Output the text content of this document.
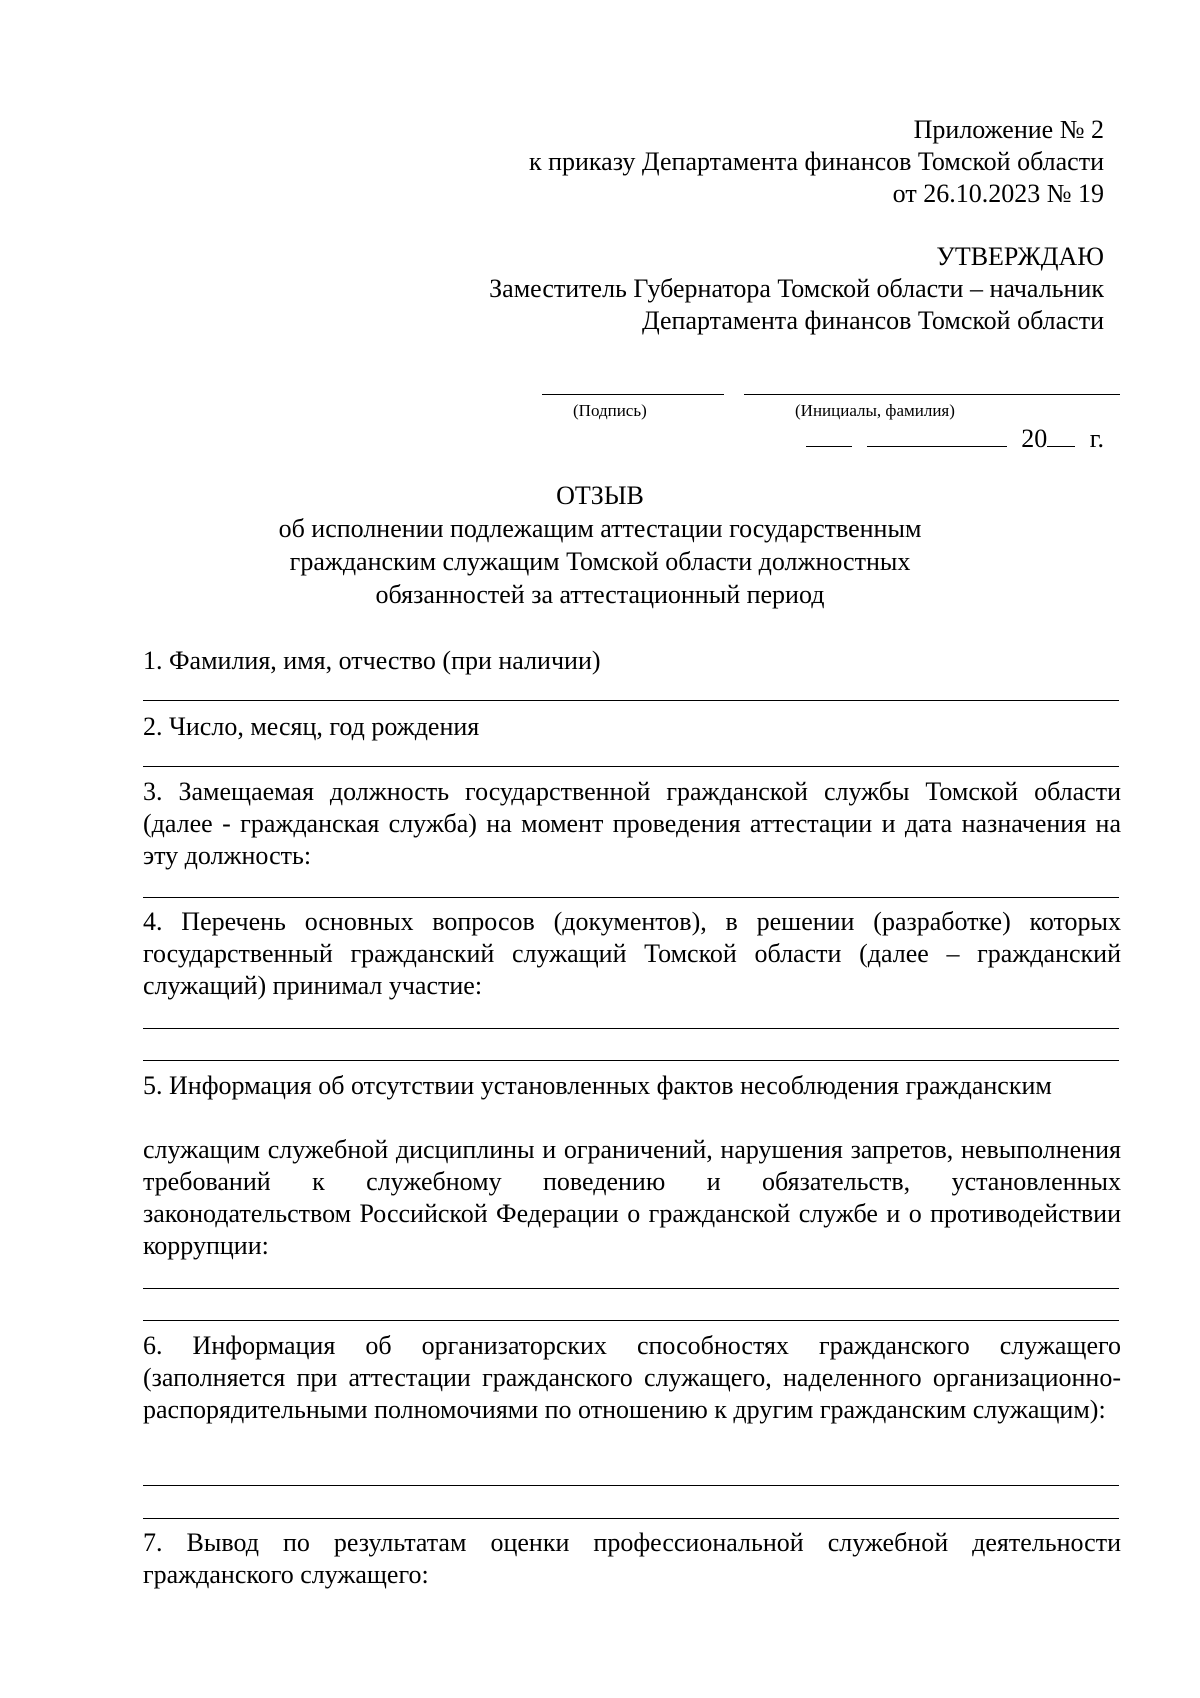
Приложение № 2
к приказу Департамента финансов Томской области
от 26.10.2023 № 19
УТВЕРЖДАЮ
Заместитель Губернатора Томской области – начальник
Департамента финансов Томской области
(Подпись)	(Инициалы, фамилия)
20 г.
ОТЗЫВ
об исполнении подлежащим аттестации государственным
гражданским служащим Томской области должностных
обязанностей за аттестационный период
1. Фамилия, имя, отчество (при наличии)
2. Число, месяц, год рождения
3. Замещаемая должность государственной гражданской службы Томской области (далее - гражданская служба) на момент проведения аттестации и дата назначения на эту должность:
4. Перечень основных вопросов (документов), в решении (разработке) которых государственный гражданский служащий Томской области (далее – гражданский служащий) принимал участие:
5. Информация об отсутствии установленных фактов несоблюдения гражданским
служащим служебной дисциплины и ограничений, нарушения запретов, невыполнения требований к служебному поведению и обязательств, установленных законодательством Российской Федерации о гражданской службе и о противодействии коррупции:
6. Информация об организаторских способностях гражданского служащего (заполняется при аттестации гражданского служащего, наделенного организационно-распорядительными полномочиями по отношению к другим гражданским служащим):
7. Вывод по результатам оценки профессиональной служебной деятельности гражданского служащего:
